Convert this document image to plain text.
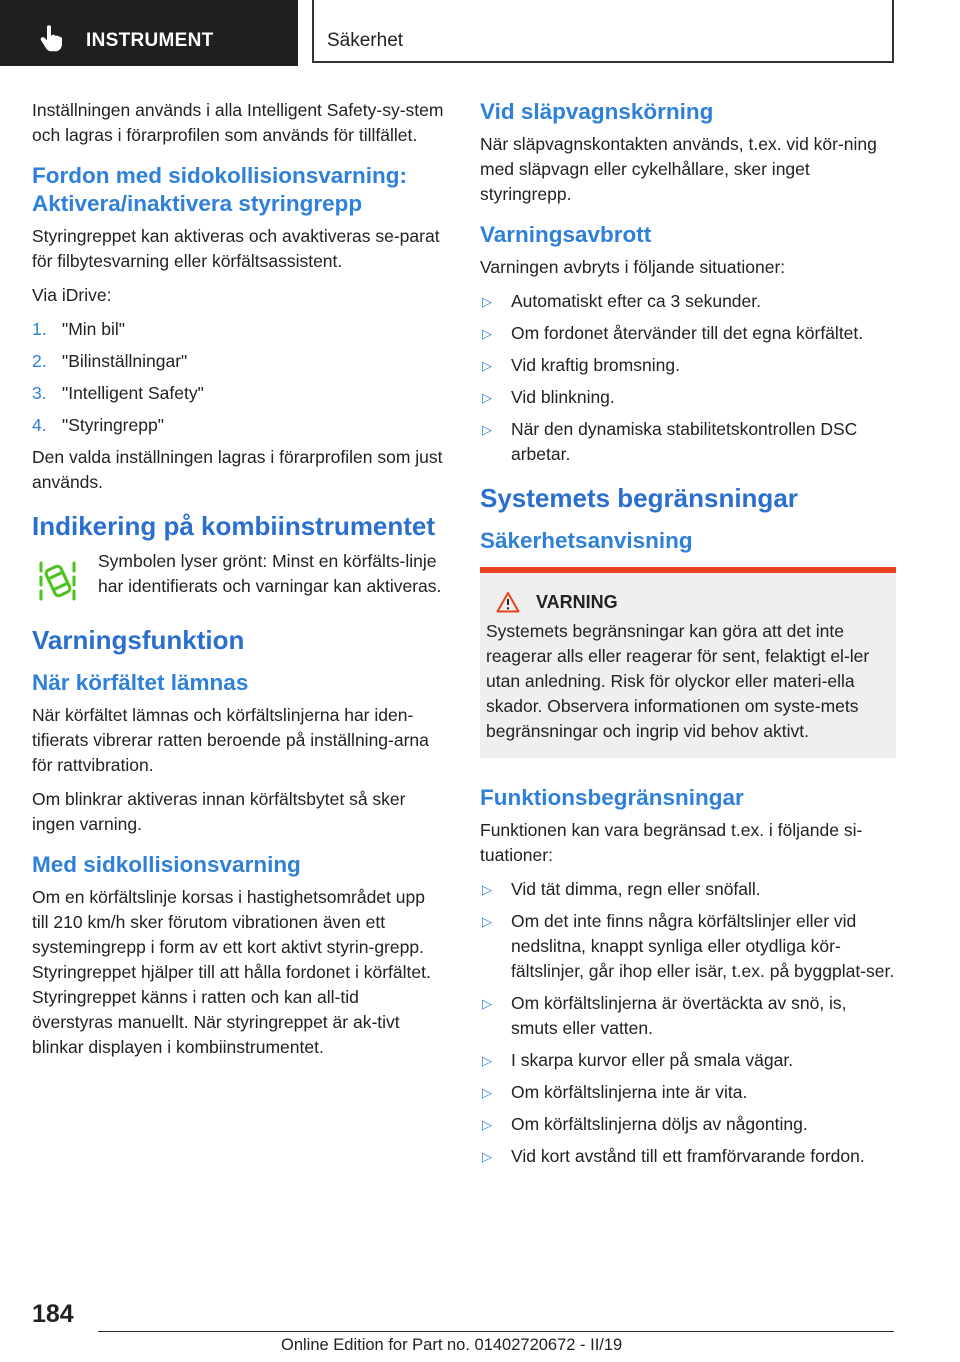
INSTRUMENT	Säkerhet

Inställningen används i alla Intelligent Safety-sy-stem och lagras i förarprofilen som används för tillfället.

Fordon med sidokollisionsvarning: Aktivera/inaktivera styringrepp

Styringreppet kan aktiveras och avaktiveras se-parat för filbytesvarning eller körfältsassistent.

Via iDrive:

1. "Min bil"
2. "Bilinställningar"
3. "Intelligent Safety"
4. "Styringrepp"

Den valda inställningen lagras i förarprofilen som just används.

Indikering på kombiinstrumentet

Symbolen lyser grönt: Minst en körfälts-linje har identifierats och varningar kan aktiveras.

Varningsfunktion
När körfältet lämnas

När körfältet lämnas och körfältslinjerna har iden-tifierats vibrerar ratten beroende på inställning-arna för rattvibration.

Om blinkrar aktiveras innan körfältsbytet så sker ingen varning.

Med sidkollisionsvarning

Om en körfältslinje korsas i hastighetsområdet upp till 210 km/h sker förutom vibrationen även ett systemingrepp i form av ett kort aktivt styrin-grepp. Styringreppet hjälper till att hålla fordonet i körfältet. Styringreppet känns i ratten och kan all-tid överstyras manuellt. När styringreppet är ak-tivt blinkar displayen i kombiinstrumentet.

Vid släpvagnskörning

När släpvagnskontakten används, t.ex. vid kör-ning med släpvagn eller cykelhållare, sker inget styringrepp.

Varningsavbrott

Varningen avbryts i följande situationer:

▷	Automatiskt efter ca 3 sekunder.
▷	Om fordonet återvänder till det egna körfältet.
▷	Vid kraftig bromsning.
▷	Vid blinkning.
▷	När den dynamiska stabilitetskontrollen DSC arbetar.
Systemets begränsningar
Säkerhetsanvisning
VARNING

Systemets begränsningar kan göra att det inte reagerar alls eller reagerar för sent, felaktigt el-ler utan anledning. Risk för olyckor eller materi-ella skador. Observera informationen om syste-mets begränsningar och ingrip vid behov aktivt.

Funktionsbegränsningar

Funktionen kan vara begränsad t.ex. i följande si-tuationer:

▷	Vid tät dimma, regn eller snöfall.
▷	Om det inte finns några körfältslinjer eller vid nedslitna, knappt synliga eller otydliga kör-fältslinjer, går ihop eller isär, t.ex. på byggplat-ser.
▷	Om körfältslinjerna är övertäckta av snö, is, smuts eller vatten.
▷	I skarpa kurvor eller på smala vägar.
▷	Om körfältslinjerna inte är vita.
▷	Om körfältslinjerna döljs av någonting.
▷	Vid kort avstånd till ett framförvarande fordon.
184
Online Edition for Part no. 01402720672 - II/19
